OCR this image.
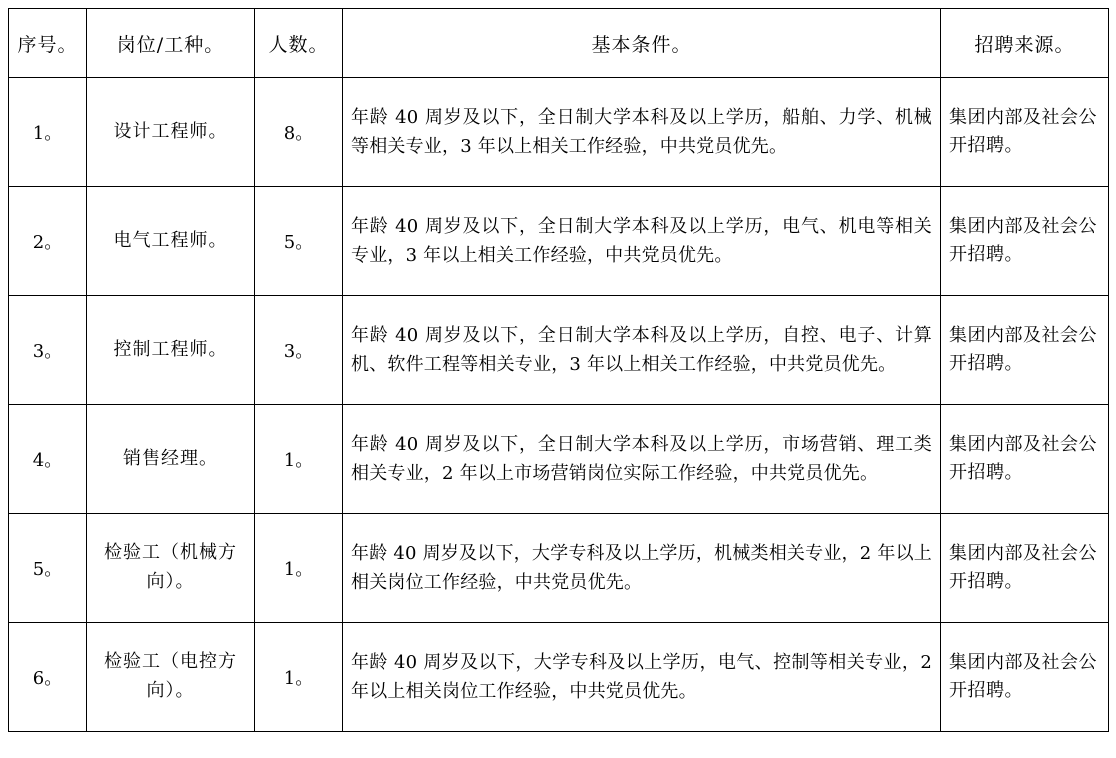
序号。	岗位/工种。	人数。	基本条件。	招聘来源。
1。	设计工程师。	8。	年龄 40 周岁及以下，全日制大学本科及以上学历，船舶、力学、机械等相关专业，3 年以上相关工作经验，中共党员优先。	集团内部及社会公开招聘。
2。	电气工程师。	5。	年龄 40 周岁及以下，全日制大学本科及以上学历，电气、机电等相关专业，3 年以上相关工作经验，中共党员优先。	集团内部及社会公开招聘。
3。	控制工程师。	3。	年龄 40 周岁及以下，全日制大学本科及以上学历，自控、电子、计算机、软件工程等相关专业，3 年以上相关工作经验，中共党员优先。	集团内部及社会公开招聘。
4。	销售经理。	1。	年龄 40 周岁及以下，全日制大学本科及以上学历，市场营销、理工类相关专业，2 年以上市场营销岗位实际工作经验，中共党员优先。	集团内部及社会公开招聘。
5。	检验工（机械方向）。	1。	年龄 40 周岁及以下，大学专科及以上学历，机械类相关专业，2 年以上相关岗位工作经验，中共党员优先。	集团内部及社会公开招聘。
6。	检验工（电控方向）。	1。	年龄 40 周岁及以下，大学专科及以上学历，电气、控制等相关专业，2 年以上相关岗位工作经验，中共党员优先。	集团内部及社会公开招聘。
